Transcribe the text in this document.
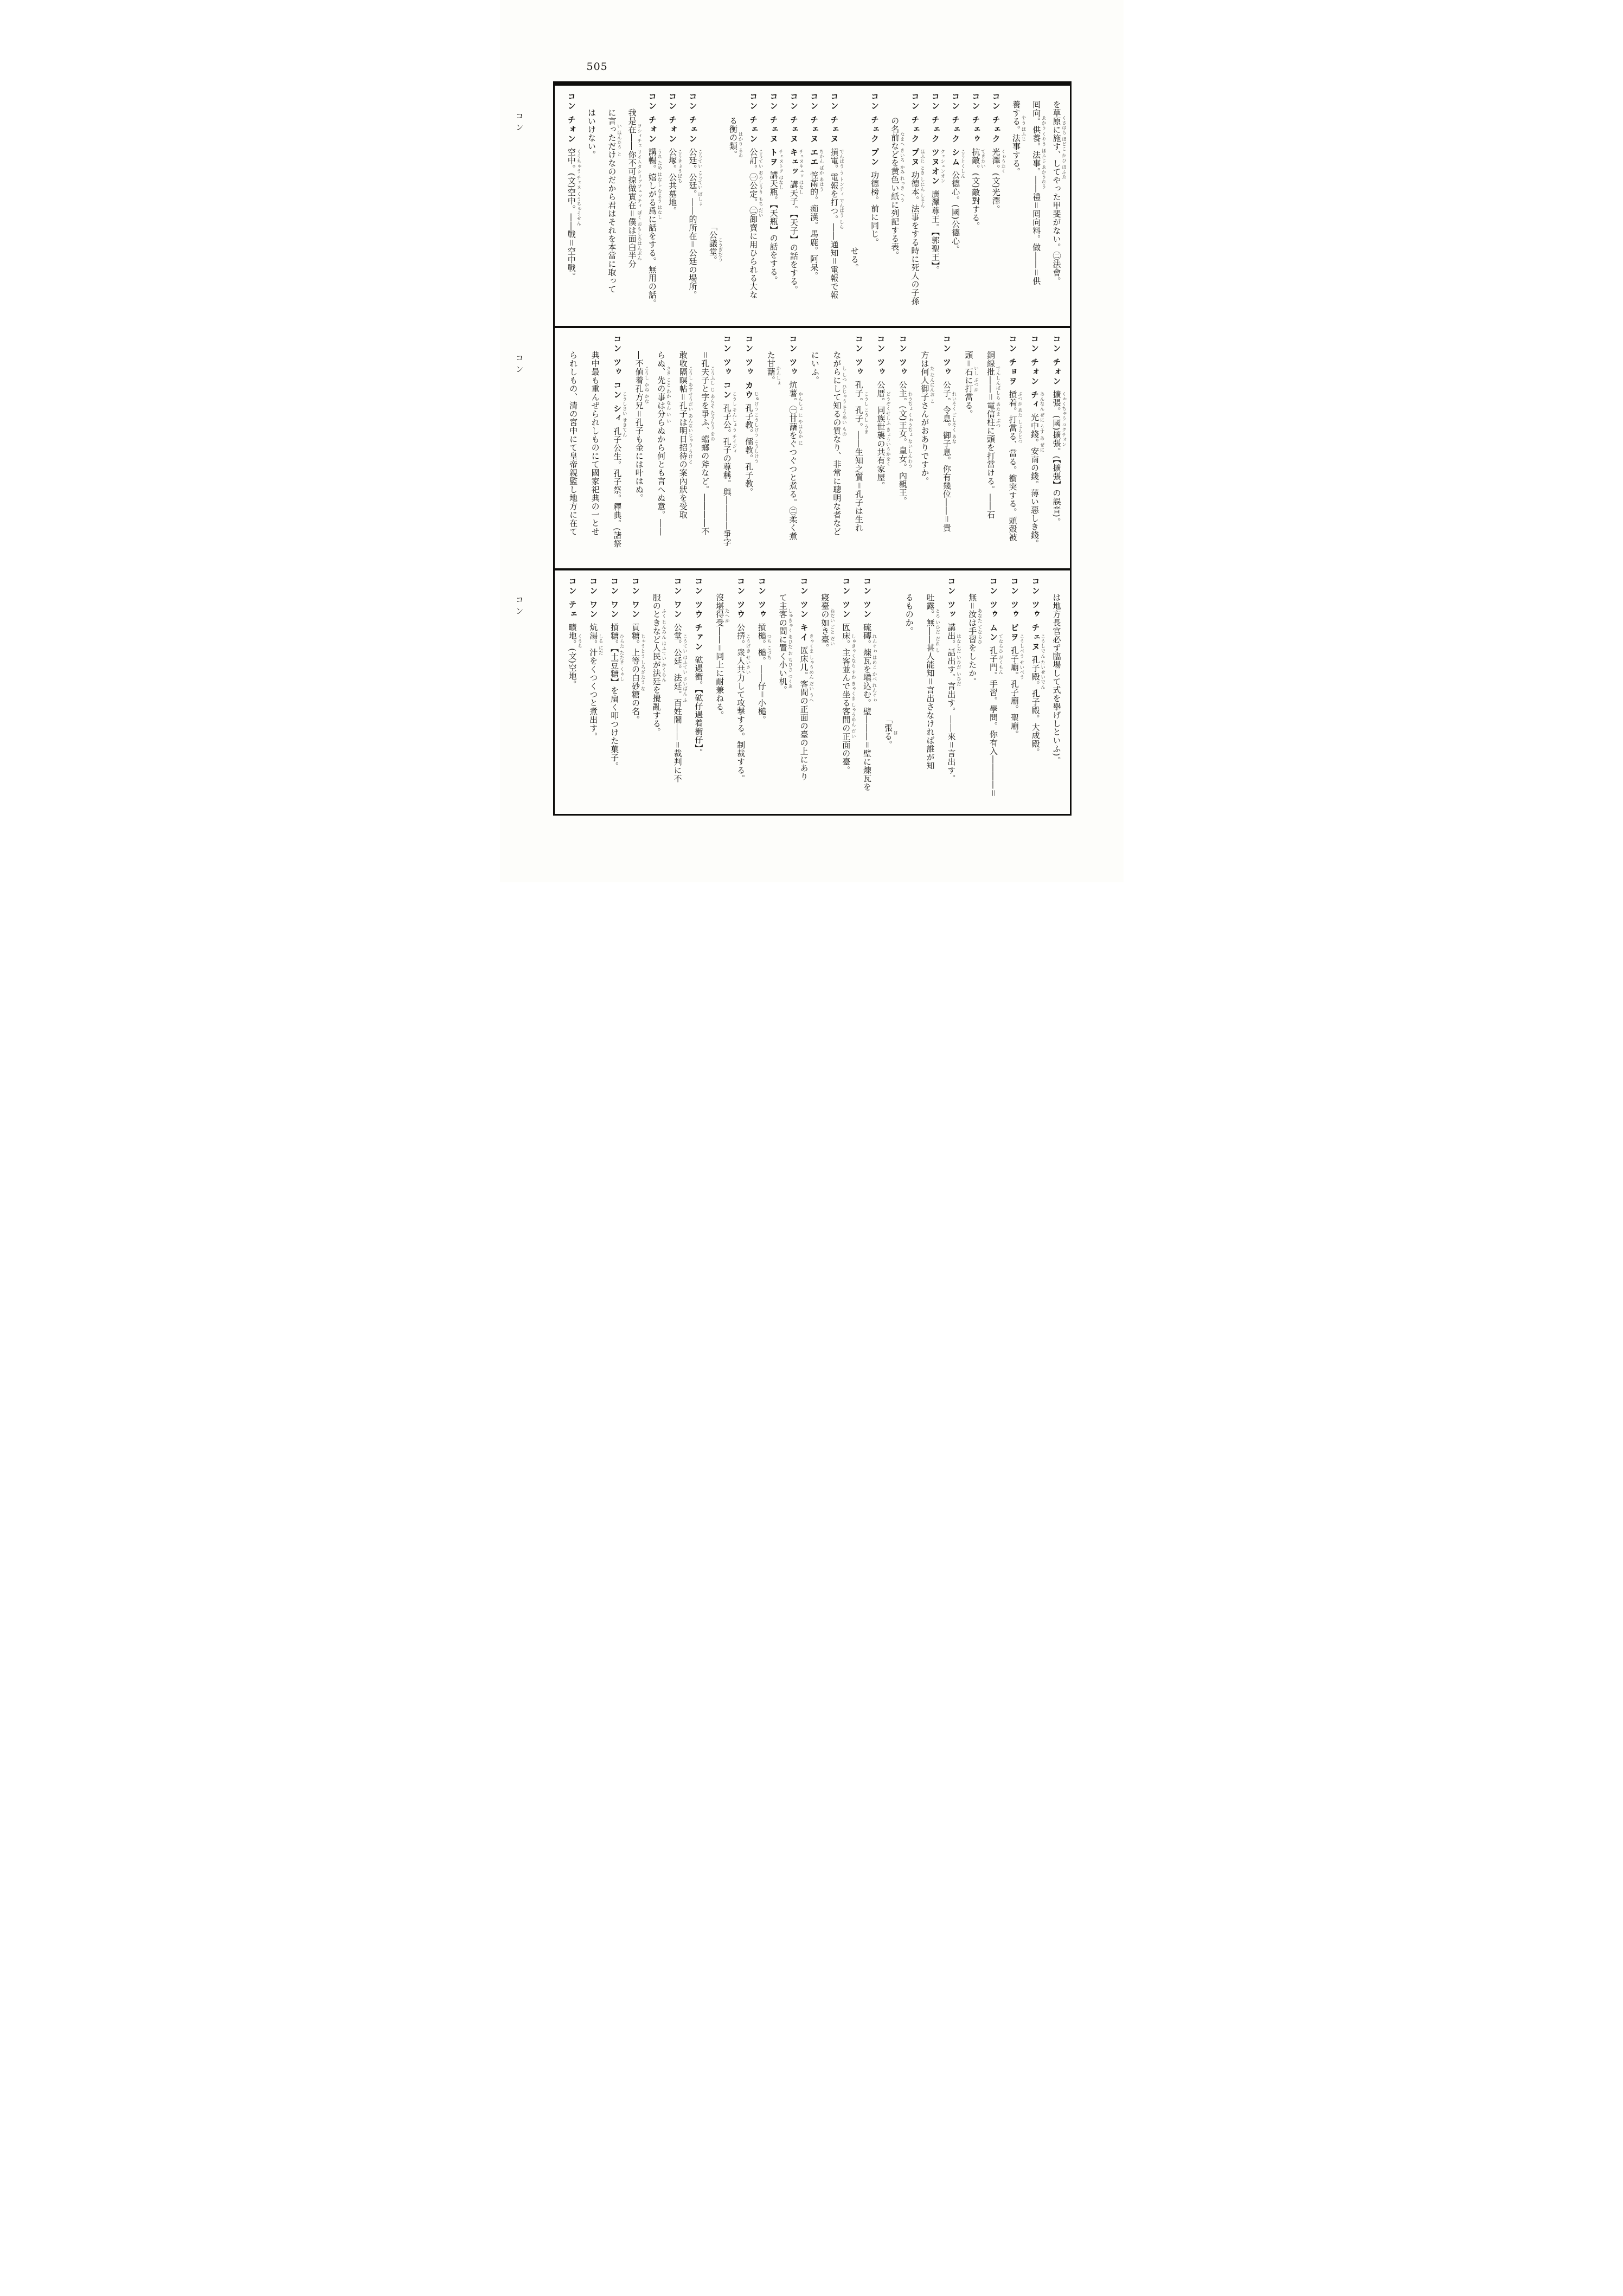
505
コン
コン
コン
を草原に施す、してやった甲斐がない。㊁法會。 くさはら ほどこ かひ ほふゑ
囘向。供養。法事。――禮＝囘向料。做――＝供 ゑかう くやう ほふじ ゑかうれう
養する。法事する。 やう ほふじ
コン チェク光澤。(文)光澤。 くゎうたく
コン チェゥ抗敵。(文)敵對する。 てきたい
コン チェク シム公德心。(國)公德心。
こうとくしん
コン チェク ツヌオン廣澤尊王。【郭聖王】。
クェシェンオン
コン チェク プヌ功德本。法事をする時に死人の子孫 ほふじ とき しにん しそん
の名前などを黄色い紙に列記する表。 なまへ きいろ かみ れっき へう
コン チェク プン功德榜。前に同じ。
せる。
コン チェヌ摃電。電報を打つ。――通知＝電報で報 でんぱう う トンチィ でんぱう しら
コン チェヌ エエ悾㒼的。痴漢。馬鹿。阿呆。
ちかん ばか あはう
コン チェヌ キェッ講天子。【天子】の話をする。
チェヌキェッ はなし
コン チェヌ トヲ講天瓶。【天瓶】の話をする。
チェヌトヲ はなし
コン チェン公訂。㊀公定。㊁卸賣に用ひられる大な こうてい おろしうり もち だい
る衡の類。 はかり るゐ
「公議堂。 こうぎだう
コン チェン公廷。公廷。――的所在＝公廷の場所。 こうてい こうてい ばしょ
コン チォン公塚。公共墓地。 こうきょうぼち
コン チォン講暢。嬉しがる爲に話をする。無用の話。 うれ ため はなし むよう はなし
我是在――你不可掠做實在＝僕は面白半分 ヲシィチェ リイムタシリァフェッチィ ぼく おもしろはんぶん
に言っただけなのだから君はそれを本當に取って い ほんたう と
はいけない。
コン チォン空中。(文)空中。――戰＝空中戰。 くうちゅう チェヌ くうちゅうせん
コン チォン擴張。(國)擴張。(【擴張】の誤音)。 くゎくちゃう コクチォン
コン チォン チィ光中錢。安南の錢。薄い惡しき錢。 あんなん ぜに うす あ ぜに
コン チョヲ摃着。打當る、當る。衝突する。頭殻被 ぶつか あた しょうとつ
銅線批――＝電信柱に頭を打當ける。――石 でんしんばしら あたま ぶつ
頭＝石に打當る。 いし ぶつか
コン ツゥ公子。令息。御子息。你有幾位――＝貴 れいそく ごしそく あな
方は何人御子さんがおありですか。 た なんにんお こ
コン ツゥ公主。(文)王女。皇女。內親王。 わうぢょ くゎうぢょ ないしんわう
コン ツゥ公厝。同族世襲の共有家屋。 どうぞくせしふ きょういうかをく
コン ツゥ孔子。孔子。――生知之質＝孔子は生れ こうし こうし うま
ながらにして知るの質なり、非常に聰明な者など し しつ ひじゃう そうめい もの
にいふ。
コン ツゥ炕薯。㊀甘藷をぐつぐつと煮る。㊁柔く煮 かんしょ に やはらか に
た甘藷。 かんしょ
コン ツゥ カウ孔子教。儒教。孔子教。 じゅけう こうしけう こうしけう
コン ツゥ コン孔子公。孔子の尊稱。與――――爭字 こうし そんしょう チイジィ
＝孔夫子と字を爭ふ、蟷螂の斧など。――――不 こうふし じ あらそ たうらう をの
敢收隔暝帖＝孔子は明日招待の案內狀を受取 こうし あすせうだい あんないじゃう うけと
らぬ、先の事は分らぬから何とも言へぬ意。―― さき こと わか なん い い
―不値着孔方兄＝孔子も金には叶はぬ。 こうし かね かな
コン ツゥ コン シィ孔子公生。孔子祭。釋典。(諸祭
こうしさい せきてん
典中最も重んぜられしものにて國家祀典の一とせ
られしもの、清の宮中にて皇帝親監し地方に在て
は地方長官必ず臨場して式を擧げしといふ)。
コン ツゥ チェヌ孔子殿。孔子殿。大成殿。 こうしでん たいせいでん
コン ツゥ ビヲ孔子廟。孔子廟。聖廟。 こうしべう せいべう
コン ツゥ ムン孔子門。手習。學問。你有入――――＝ てならひ がくもん
無＝汝は手習をしたか。 あなた てならひ
コン ツッ講出。話出す。言出す。――來＝言出す。 はなしだ いひだ いひだ
吐露。無――甚人能知＝言出さなければ誰が知 とろ いひだ だれ し
るものか。
「張る。 は
コン ツン硫磚。煉瓦を塡込む。壁―――＝壁に煉瓦を れんぐゎ はめこ かべ れんぐゎ
コン ツン匟床。主客並んで坐る客間の正面の臺。 しゅきゃくなら すわ きゃくま しゃうめん だい
寢臺の如き臺。 ねだい ごと だい
コン ツン キイ匟床几。客間の正面の臺の上にあり きゃくま しゃうめん だい うへ
て主客の間に置く小い机。 しゅきゃく あひだ お ちひさ つくゑ
コン ツゥ摃槌。槌。――仔＝小槌。 つち こづち
コン ツウ公挵。衆人共力して攻撃する。制裁する。 こうげき せいさい
沒堪得受――＝同上に耐兼ねる。 たへか
コン ツウ チァン砿遇衝。【砿仔遇着衝仔】。
コン ワン公堂。公廷。法廷。百姓鬧――＝裁判に不 こうてい はふてい さいばん ふ
服のときなど人民が法廷を攪亂する。 ふく じんみん はふてい かくらん
コン ワン貢糖。上等の白砂糖の名。 じゃうとう しろざたう な
コン ワン摃糖。【土豆糖】を扁く叩つけた菓子。 ひらた たたき くゎし
コン ワン炕湯。汁をくつくつと煮出す。 しる にだ
コン テェ曠地。(文)空地。 くうち
